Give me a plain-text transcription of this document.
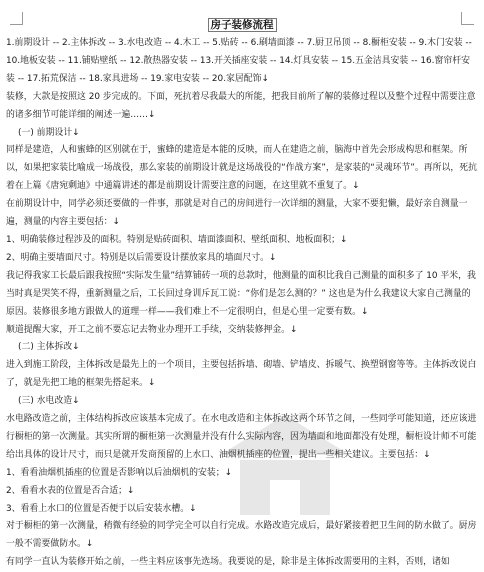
房子装修流程

1.前期设计 -- 2.主体拆改 -- 3.水电改造 -- 4.木工 -- 5.贴砖 -- 6.刷墙面漆 -- 7.厨卫吊顶 -- 8.橱柜安装 -- 9.木门安装 -- 10.地板安装 -- 11.铺贴壁纸 -- 12.散热器安装 -- 13.开关插座安装 -- 14.灯具安装 -- 15.五金洁具安装 -- 16.窗帘杆安装 -- 17.拓荒保洁 -- 18.家具进场 -- 19.家电安装 -- 20.家居配饰↓

装修，大款是按照这 20 步完成的。下面，死抗着尽我最大的所能，把我目前所了解的装修过程以及整个过程中需要注意的诸多细节可能详细的阐述一遍……↓

(一) 前期设计↓

同样是建造，人和蜜蜂的区别就在于，蜜蜂的建造是本能的反映，而人在建造之前，脑海中首先会形成构思和框架。所以，如果把家装比喻成一场战役，那么家装的前期设计就是这场战役的“作战方案”，是家装的“灵魂环节”。再所以，死抗着在上篇《唐宛剩迪》中通篇讲述的都是前期设计需要注意的问题，在这里就不重复了。↓

在前期设计中，同学必须还要做的一件事，那就是对自己的房间进行一次详细的测量，大家不要犯懒，最好亲自测量一遍，测量的内容主要包括：↓

1、明确装修过程涉及的面积。特别是贴砖面积、墙面漆面积、壁纸面积、地板面积；↓

2、明确主要墙面尺寸。特别是以后需要设计摆放家具的墙面尺寸。↓

我记得我家工长最后跟我按照“实际发生量”结算铺砖一项的总款时，他测量的面积比我自己测量的面积多了 10 平米，我当时真是哭笑不得，重新测量之后，工长回过身训斥瓦工说：“你们是怎么测的？” 这也是为什么我建议大家自己测量的原因。装修很多地方跟做人的道理一样——我们难上不一定很明白，但是心里一定要有数。↓

顺道提醒大家，开工之前不要忘记去物业办理开工手续，交纳装修押金。↓

(二) 主体拆改↓

进入到施工阶段，主体拆改是最先上的一个项目，主要包括拆墙、砌墙、铲墙皮、拆暖气、换塑钢窗等等。主体拆改说白了，就是先把工地的框架先搭起来。↓

(三) 水电改造↓

水电路改造之前，主体结构拆改应该基本完成了。在水电改造和主体拆改这两个环节之间，一些同学可能知道，还应该进行橱柜的第一次测量。其实所谓的橱柜第一次测量并没有什么实际内容，因为墙面和地面都没有处理，橱柜设计师不可能给出具体的设计尺寸，而只是就开发商预留的上水口、油烟机插座的位置，提出一些相关建议。主要包括：↓

1、看看油烟机插座的位置是否影响以后油烟机的安装；↓

2、看看水表的位置是否合适；↓

3、看看上水口的位置是否便于以后安装水槽。↓

对于橱柜的第一次测量，稍微有经验的同学完全可以自行完成。水路改造完成后，最好紧接着把卫生间的防水做了。厨房一般不需要做防水。↓

有同学一直认为装修开始之前，一些主料应该事先选场。我要说的是，除非是主体拆改需要用的主料，否则，诸如
